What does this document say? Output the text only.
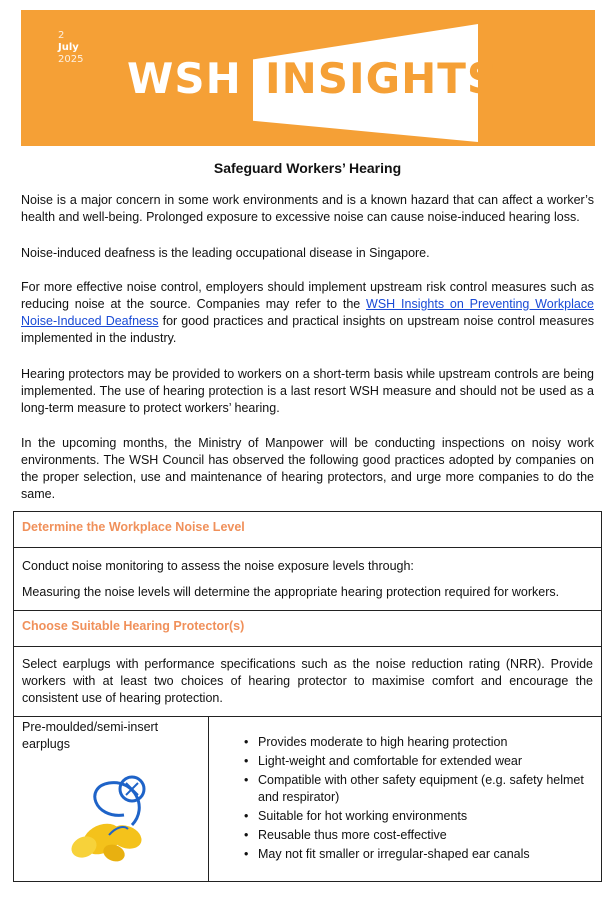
2
July
2025 WSH INSIGHTS
Safeguard Workers’ Hearing

Noise is a major concern in some work environments and is a known hazard that can affect a worker’s health and well-being. Prolonged exposure to excessive noise can cause noise-induced hearing loss.

Noise-induced deafness is the leading occupational disease in Singapore.

For more effective noise control, employers should implement upstream risk control measures such as reducing noise at the source. Companies may refer to the WSH Insights on Preventing Workplace Noise-Induced Deafness for good practices and practical insights on upstream noise control measures implemented in the industry.

Hearing protectors may be provided to workers on a short-term basis while upstream controls are being implemented. The use of hearing protection is a last resort WSH measure and should not be used as a long-term measure to protect workers’ hearing.

In the upcoming months, the Ministry of Manpower will be conducting inspections on noisy work environments. The WSH Council has observed the following good practices adopted by companies on the proper selection, use and maintenance of hearing protectors, and urge more companies to do the same.

Determine the Workplace Noise Level
Conduct noise monitoring to assess the noise exposure levels through:
Measuring the noise levels will determine the appropriate hearing protection required for workers.
Choose Suitable Hearing Protector(s)
Select earplugs with performance specifications such as the noise reduction rating (NRR). Provide workers with at least two choices of hearing protector to maximise comfort and encourage the consistent use of hearing protection.
Pre-moulded/semi-insert earplugs
•	Provides moderate to high hearing protection
• Light-weight and comfortable for extended wear
• Compatible with other safety equipment (e.g. safety helmet and respirator)
• Suitable for hot working environments
• Reusable thus more cost-effective
• May not fit smaller or irregular-shaped ear canals
